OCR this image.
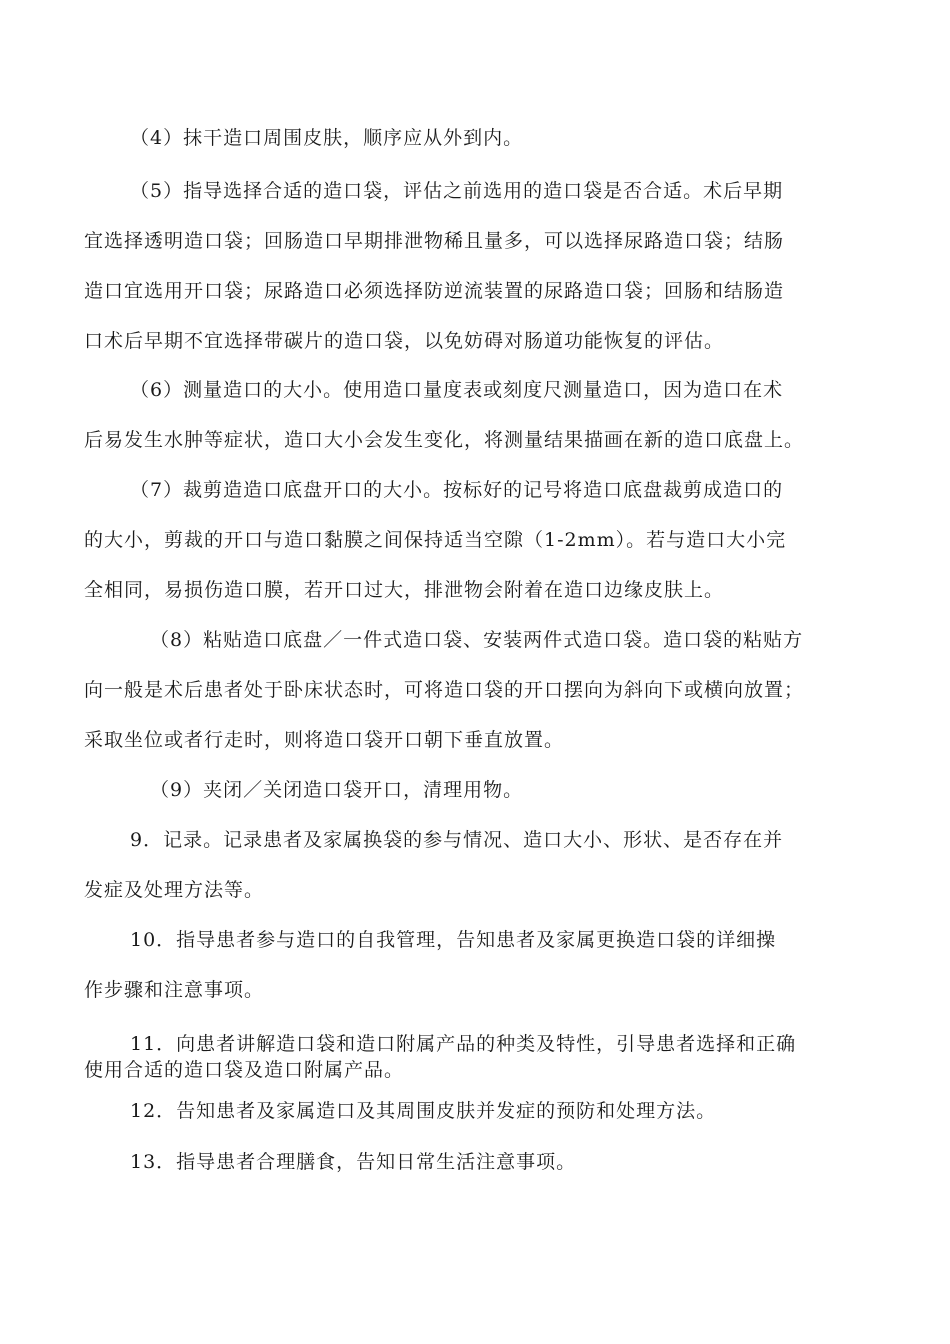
（4）抹干造口周围皮肤，顺序应从外到内。
（5）指导选择合适的造口袋，评估之前选用的造口袋是否合适。术后早期
宜选择透明造口袋；回肠造口早期排泄物稀且量多，可以选择尿路造口袋；结肠
造口宜选用开口袋；尿路造口必须选择防逆流装置的尿路造口袋；回肠和结肠造
口术后早期不宜选择带碳片的造口袋，以免妨碍对肠道功能恢复的评估。
（6）测量造口的大小。使用造口量度表或刻度尺测量造口，因为造口在术
后易发生水肿等症状，造口大小会发生变化，将测量结果描画在新的造口底盘上。
（7）裁剪造造口底盘开口的大小。按标好的记号将造口底盘裁剪成造口的
的大小，剪裁的开口与造口黏膜之间保持适当空隙（1-2mm）。若与造口大小完
全相同，易损伤造口膜，若开口过大，排泄物会附着在造口边缘皮肤上。
（8）粘贴造口底盘／一件式造口袋、安装两件式造口袋。造口袋的粘贴方
向一般是术后患者处于卧床状态时，可将造口袋的开口摆向为斜向下或横向放置；
采取坐位或者行走时，则将造口袋开口朝下垂直放置。
（9）夹闭／关闭造口袋开口，清理用物。
9．记录。记录患者及家属换袋的参与情况、造口大小、形状、是否存在并
发症及处理方法等。
10．指导患者参与造口的自我管理，告知患者及家属更换造口袋的详细操
作步骤和注意事项。
11．向患者讲解造口袋和造口附属产品的种类及特性，引导患者选择和正确
使用合适的造口袋及造口附属产品。
12．告知患者及家属造口及其周围皮肤并发症的预防和处理方法。
13．指导患者合理膳食，告知日常生活注意事项。
